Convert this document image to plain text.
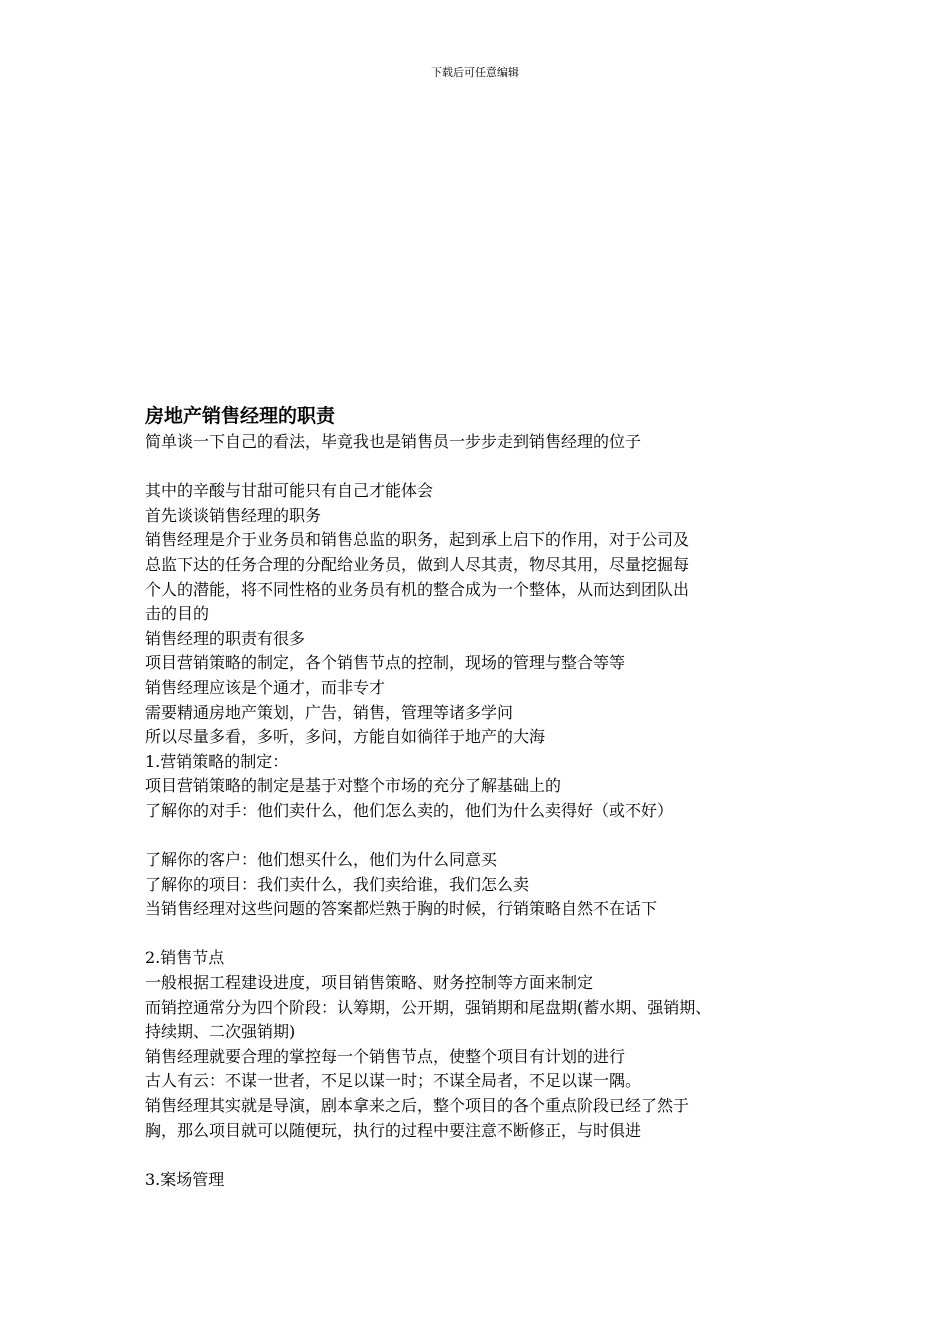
下载后可任意编辑
房地产销售经理的职责
简单谈一下自己的看法，毕竟我也是销售员一步步走到销售经理的位子
其中的辛酸与甘甜可能只有自己才能体会
首先谈谈销售经理的职务
销售经理是介于业务员和销售总监的职务，起到承上启下的作用，对于公司及
总监下达的任务合理的分配给业务员，做到人尽其责，物尽其用，尽量挖掘每
个人的潜能，将不同性格的业务员有机的整合成为一个整体，从而达到团队出
击的目的
销售经理的职责有很多
项目营销策略的制定，各个销售节点的控制，现场的管理与整合等等
销售经理应该是个通才，而非专才
需要精通房地产策划，广告，销售，管理等诸多学问
所以尽量多看，多听，多问，方能自如徜徉于地产的大海
1.营销策略的制定：
项目营销策略的制定是基于对整个市场的充分了解基础上的
了解你的对手：他们卖什么，他们怎么卖的，他们为什么卖得好（或不好）
了解你的客户：他们想买什么，他们为什么同意买
了解你的项目：我们卖什么，我们卖给谁，我们怎么卖
当销售经理对这些问题的答案都烂熟于胸的时候，行销策略自然不在话下
2.销售节点
一般根据工程建设进度，项目销售策略、财务控制等方面来制定
而销控通常分为四个阶段：认筹期，公开期，强销期和尾盘期(蓄水期、强销期、
持续期、二次强销期)
销售经理就要合理的掌控每一个销售节点，使整个项目有计划的进行
古人有云：不谋一世者，不足以谋一时；不谋全局者，不足以谋一隅。
销售经理其实就是导演，剧本拿来之后，整个项目的各个重点阶段已经了然于
胸，那么项目就可以随便玩，执行的过程中要注意不断修正，与时俱进
3.案场管理
